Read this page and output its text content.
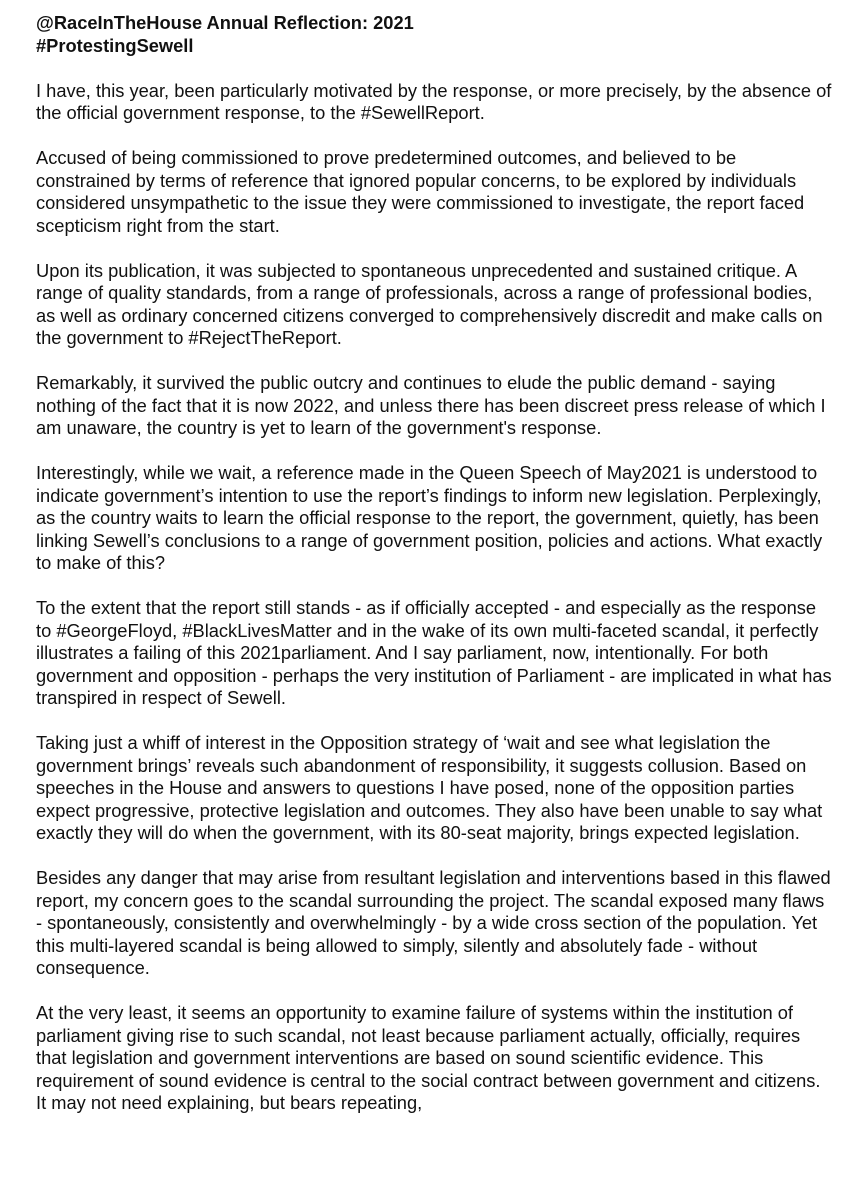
@RaceInTheHouse Annual Reflection: 2021
#ProtestingSewell

I have, this year, been particularly motivated by the response, or more precisely, by the absence of the official government response, to the #SewellReport.

Accused of being commissioned to prove predetermined outcomes, and believed to be constrained by terms of reference that ignored popular concerns, to be explored by individuals considered unsympathetic to the issue they were commissioned to investigate, the report faced scepticism right from the start.

Upon its publication, it was subjected to spontaneous unprecedented and sustained critique. A range of quality standards, from a range of professionals, across a range of professional bodies, as well as ordinary concerned citizens converged to comprehensively discredit and make calls on the government to #RejectTheReport.

Remarkably, it survived the public outcry and continues to elude the public demand - saying nothing of the fact that it is now 2022, and unless there has been discreet press release of which I am unaware, the country is yet to learn of the government's response.

Interestingly, while we wait, a reference made in the Queen Speech of May2021 is understood to indicate government’s intention to use the report’s findings to inform new legislation. Perplexingly, as the country waits to learn the official response to the report, the government, quietly, has been linking Sewell’s conclusions to a range of government position, policies and actions. What exactly to make of this?

To the extent that the report still stands - as if officially accepted - and especially as the response to #GeorgeFloyd, #BlackLivesMatter and in the wake of its own multi-faceted scandal, it perfectly illustrates a failing of this 2021parliament. And I say parliament, now, intentionally. For both government and opposition - perhaps the very institution of Parliament - are implicated in what has transpired in respect of Sewell.

Taking just a whiff of interest in the Opposition strategy of ‘wait and see what legislation the government brings’ reveals such abandonment of responsibility, it suggests collusion. Based on speeches in the House and answers to questions I have posed, none of the opposition parties expect progressive, protective legislation and outcomes. They also have been unable to say what exactly they will do when the government, with its 80-seat majority, brings expected legislation.

Besides any danger that may arise from resultant legislation and interventions based in this flawed report, my concern goes to the scandal surrounding the project. The scandal exposed many flaws - spontaneously, consistently and overwhelmingly - by a wide cross section of the population. Yet this multi-layered scandal is being allowed to simply, silently and absolutely fade - without consequence.

At the very least, it seems an opportunity to examine failure of systems within the institution of parliament giving rise to such scandal, not least because parliament actually, officially, requires that legislation and government interventions are based on sound scientific evidence. This requirement of sound evidence is central to the social contract between government and citizens. It may not need explaining, but bears repeating,
